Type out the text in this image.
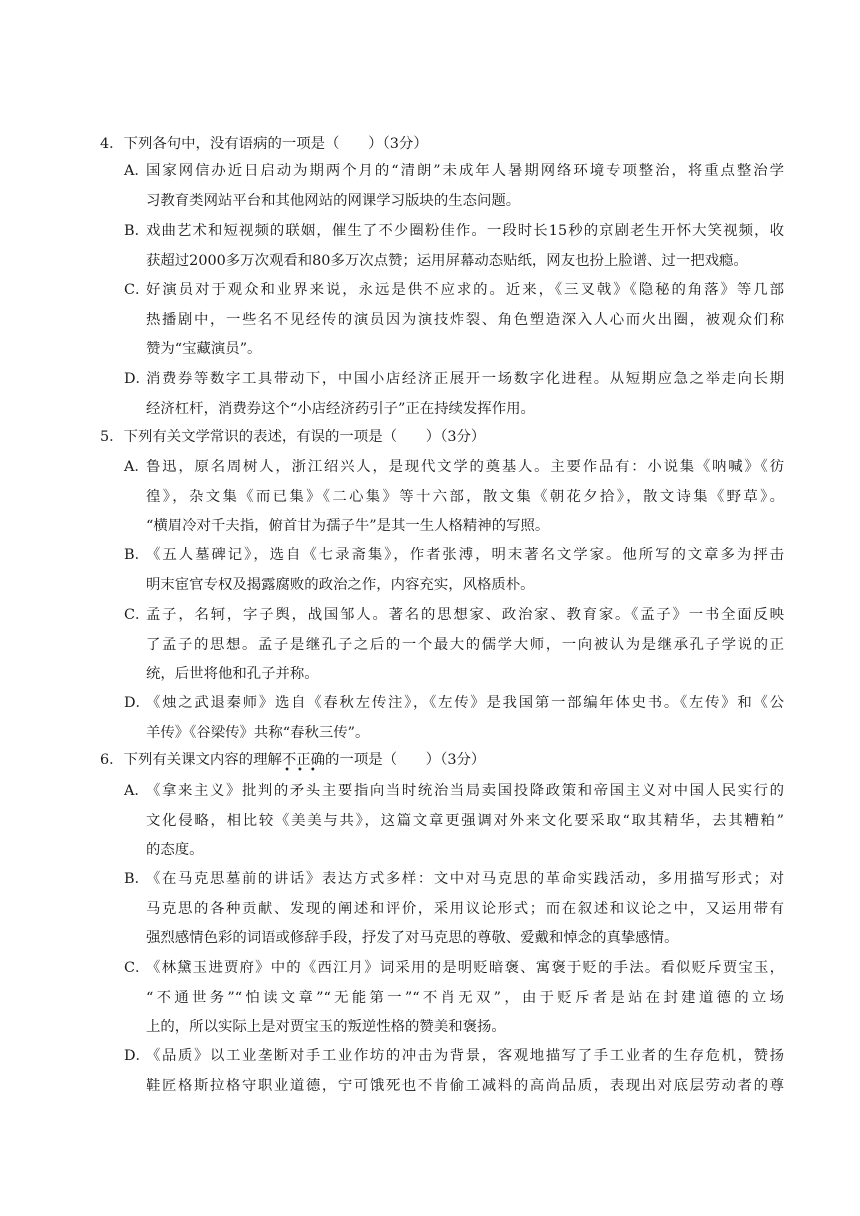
4．下列各句中，没有语病的一项是（　　）（3分）
A．
国家网信办近日启动为期两个月的“清朗”未成年人暑期网络环境专项整治，将重点整治学
习教育类网站平台和其他网站的网课学习版块的生态问题。
B．
戏曲艺术和短视频的联姻，催生了不少圈粉佳作。一段时长15秒的京剧老生开怀大笑视频，收
获超过2000多万次观看和80多万次点赞；运用屏幕动态贴纸，网友也扮上脸谱、过一把戏瘾。
C．
好演员对于观众和业界来说，永远是供不应求的。近来，《三叉戟》《隐秘的角落》等几部
热播剧中，一些名不见经传的演员因为演技炸裂、角色塑造深入人心而火出圈，被观众们称
赞为“宝藏演员”。
D．
消费券等数字工具带动下，中国小店经济正展开一场数字化进程。从短期应急之举走向长期
经济杠杆，消费券这个“小店经济药引子”正在持续发挥作用。
5．下列有关文学常识的表述，有误的一项是（　　）（3分）
A．
鲁迅，原名周树人，浙江绍兴人，是现代文学的奠基人。主要作品有：小说集《呐喊》《彷
徨》，杂文集《而已集》《二心集》等十六部，散文集《朝花夕拾》，散文诗集《野草》。
“横眉冷对千夫指，俯首甘为孺子牛”是其一生人格精神的写照。
B．
《五人墓碑记》，选自《七录斋集》，作者张溥，明末著名文学家。他所写的文章多为抨击
明末宦官专权及揭露腐败的政治之作，内容充实，风格质朴。
C．
孟子，名轲，字子舆，战国邹人。著名的思想家、政治家、教育家。《孟子》一书全面反映
了孟子的思想。孟子是继孔子之后的一个最大的儒学大师，一向被认为是继承孔子学说的正
统，后世将他和孔子并称。
D．
《烛之武退秦师》选自《春秋左传注》，《左传》是我国第一部编年体史书。《左传》和《公
羊传》《谷梁传》共称“春秋三传”。
6．下列有关课文内容的理解不正确
•••
的一项是（　　）（3分）
A．
《拿来主义》批判的矛头主要指向当时统治当局卖国投降政策和帝国主义对中国人民实行的
文化侵略，相比较《美美与共》，这篇文章更强调对外来文化要采取“取其精华，去其糟粕”
的态度。
B．
《在马克思墓前的讲话》表达方式多样：文中对马克思的革命实践活动，多用描写形式；对
马克思的各种贡献、发现的阐述和评价，采用议论形式；而在叙述和议论之中，又运用带有
强烈感情色彩的词语或修辞手段，抒发了对马克思的尊敬、爱戴和悼念的真挚感情。
C．
《林黛玉进贾府》中的《西江月》词采用的是明贬暗褒、寓褒于贬的手法。看似贬斥贾宝玉，
“不通世务”“怕读文章”“无能第一”“不肖无双”，由于贬斥者是站在封建道德的立场
上的，所以实际上是对贾宝玉的叛逆性格的赞美和褒扬。
D．
《品质》以工业垄断对手工业作坊的冲击为背景，客观地描写了手工业者的生存危机，赞扬
鞋匠格斯拉格守职业道德，宁可饿死也不肯偷工减料的高尚品质，表现出对底层劳动者的尊
